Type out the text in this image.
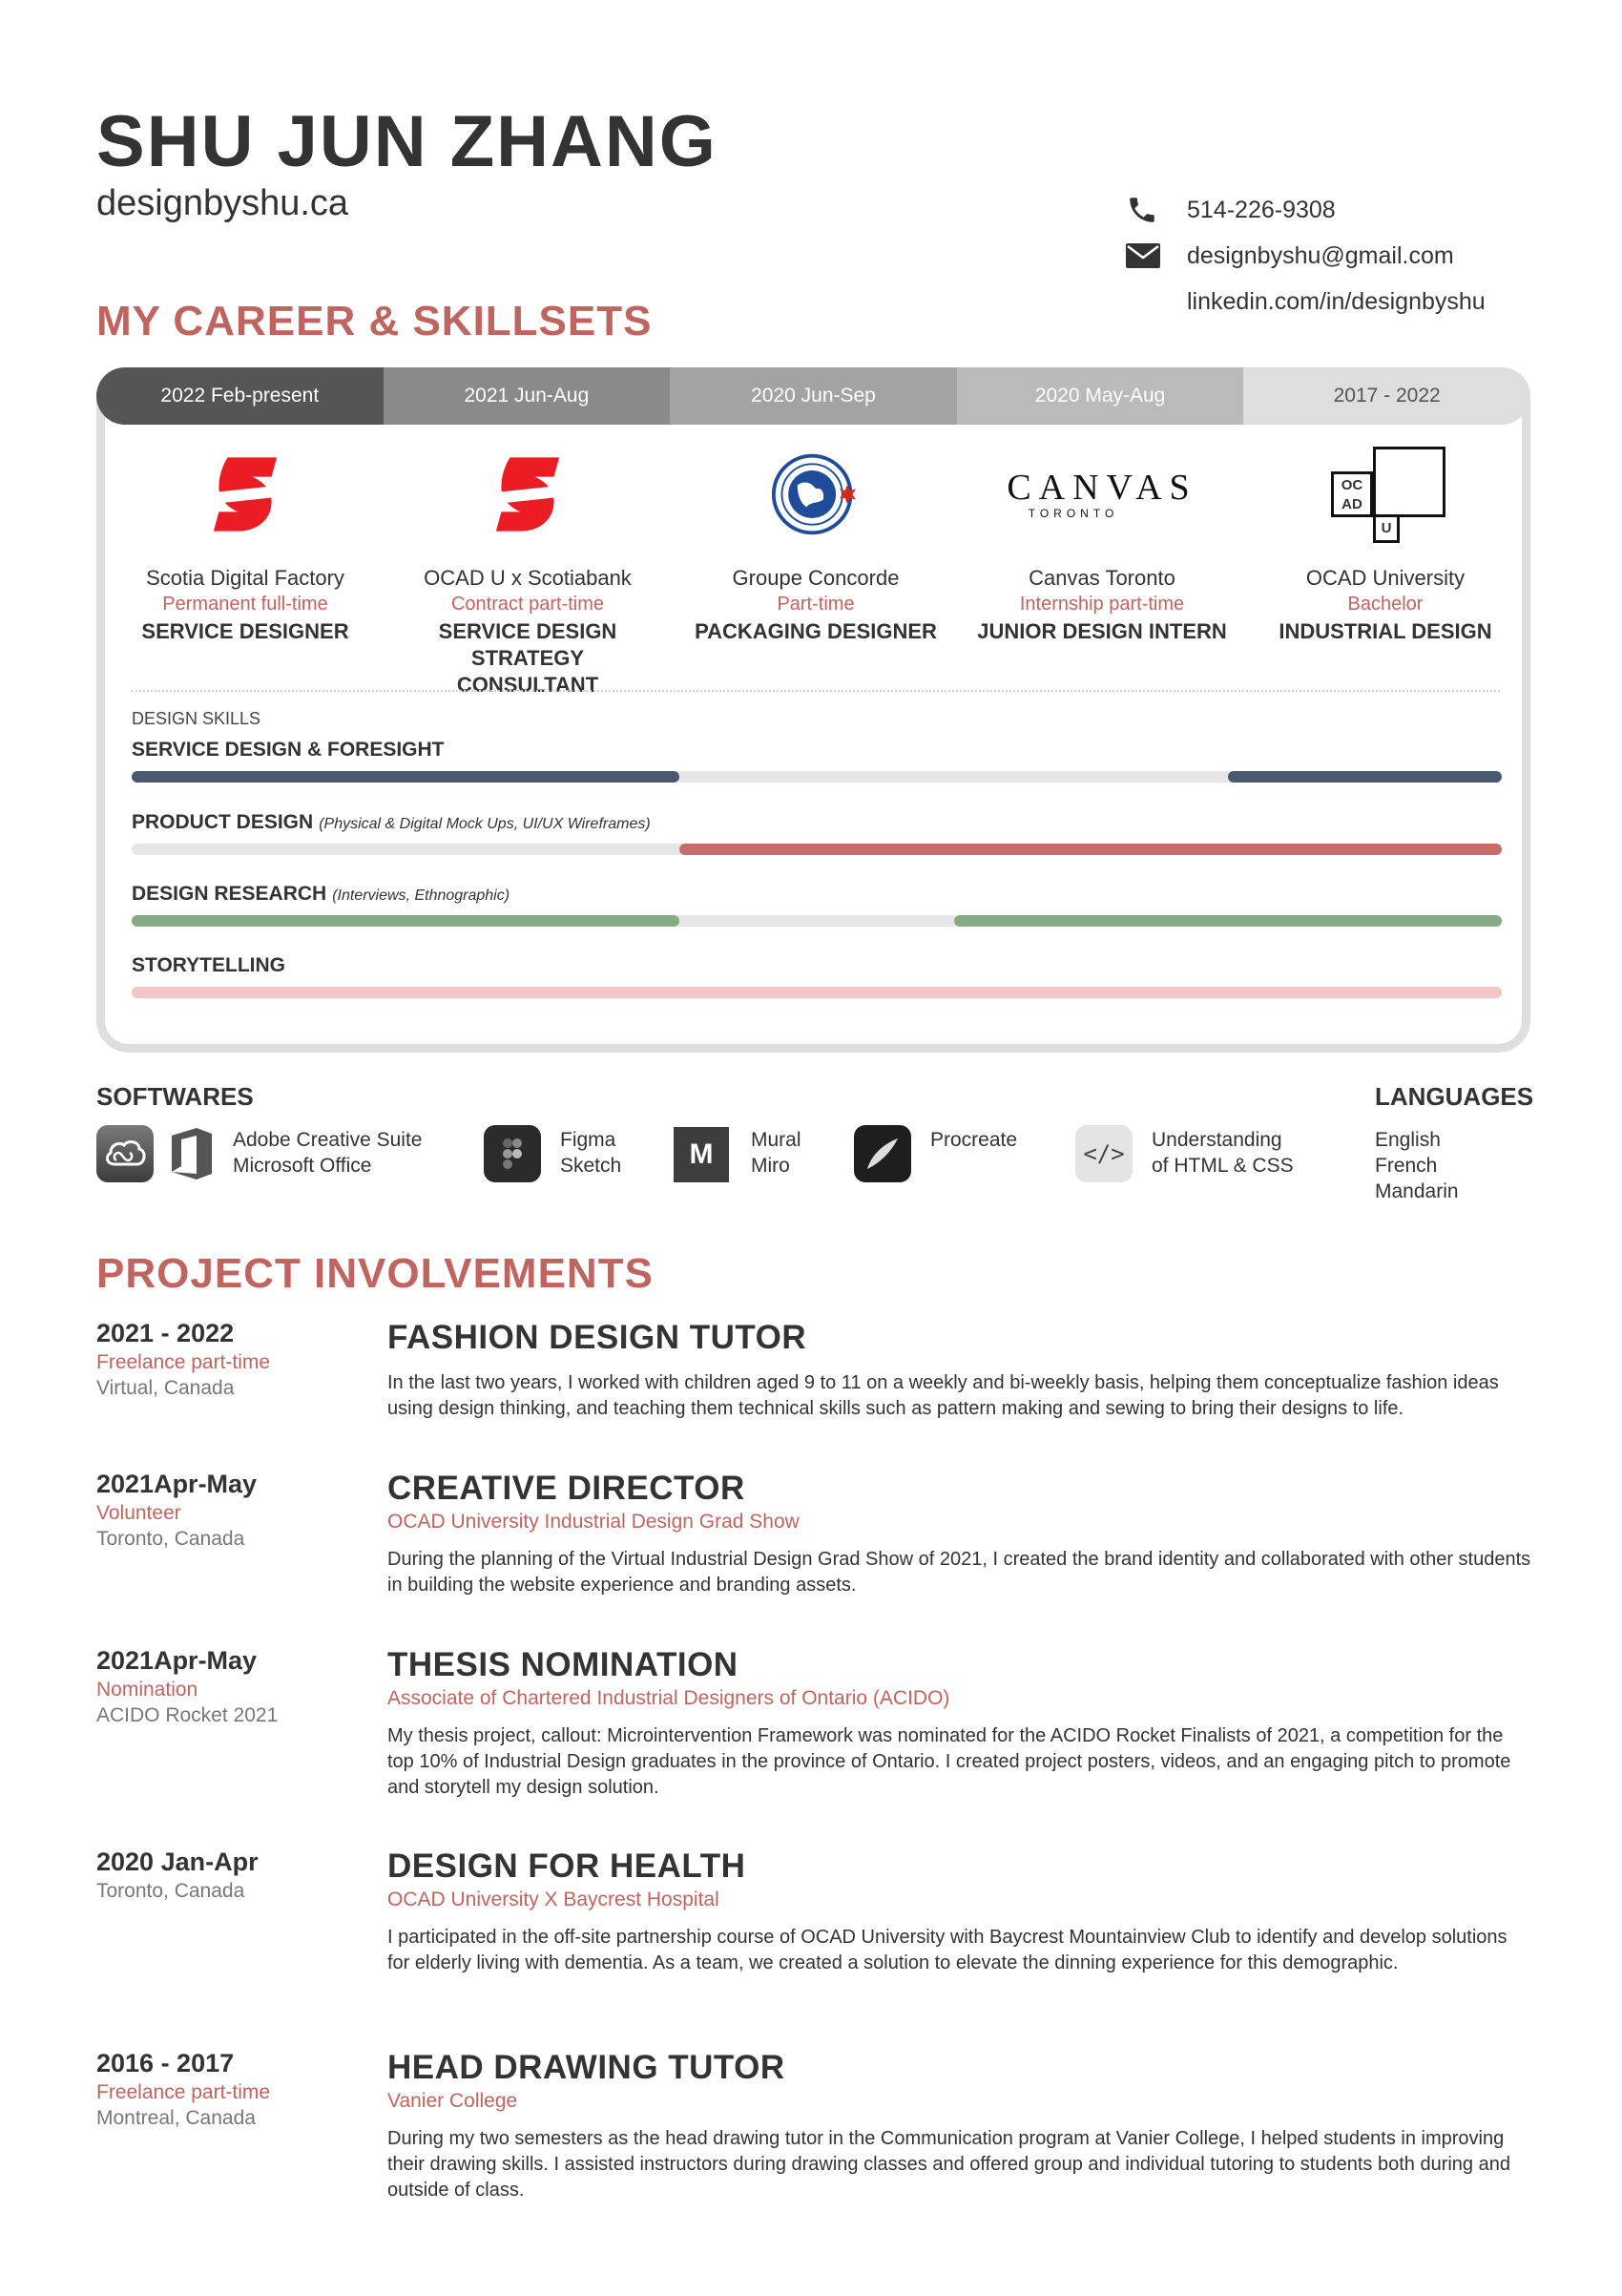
SHU JUN ZHANG
designbyshu.ca	514-226-9308
designbyshu@gmail.com
linkedin.com/in/designbyshu
MY CAREER & SKILLSETS
2022 Feb-present	2021 Jun-Aug	2020 Jun-Sep	2020 May-Aug	2017 - 2022
CANVAS
TORONTO
OC
AD
U
Scotia Digital Factory
Permanent full-time
SERVICE DESIGNER
OCAD U x Scotiabank
Contract part-time
SERVICE DESIGN STRATEGY CONSULTANT
Groupe Concorde
Part-time
PACKAGING DESIGNER
Canvas Toronto
Internship part-time
JUNIOR DESIGN INTERN
OCAD University
Bachelor
INDUSTRIAL DESIGN
DESIGN SKILLS
SERVICE DESIGN & FORESIGHT
PRODUCT DESIGN (Physical & Digital Mock Ups, UI/UX Wireframes)
DESIGN RESEARCH (Interviews, Ethnographic)
STORYTELLING
SOFTWARES
Adobe Creative Suite
Microsoft Office
Figma
Sketch	M	Mural
Miro
Procreate
</>
Understanding
of HTML & CSS
LANGUAGES
English
French
Mandarin
PROJECT INVOLVEMENTS
2021 - 2022
Freelance part-time
Virtual, Canada
FASHION DESIGN TUTOR
In the last two years, I worked with children aged 9 to 11 on a weekly and bi-weekly basis, helping them conceptualize fashion ideas using design thinking, and teaching them technical skills such as pattern making and sewing to bring their designs to life.
2021Apr-May
Volunteer
Toronto, Canada
CREATIVE DIRECTOR
OCAD University Industrial Design Grad Show
During the planning of the Virtual Industrial Design Grad Show of 2021, I created the brand identity and collaborated with other students in building the website experience and branding assets.
2021Apr-May
Nomination
ACIDO Rocket 2021
THESIS NOMINATION
Associate of Chartered Industrial Designers of Ontario (ACIDO)
My thesis project, callout: Microintervention Framework was nominated for the ACIDO Rocket Finalists of 2021, a competition for the top 10% of Industrial Design graduates in the province of Ontario. I created project posters, videos, and an engaging pitch to promote and storytell my design solution.
2020 Jan-Apr
Toronto, Canada
DESIGN FOR HEALTH
OCAD University X Baycrest Hospital
I participated in the off-site partnership course of OCAD University with Baycrest Mountainview Club to identify and develop solutions for elderly living with dementia. As a team, we created a solution to elevate the dinning experience for this demographic.
2016 - 2017
Freelance part-time
Montreal, Canada
HEAD DRAWING TUTOR
Vanier College
During my two semesters as the head drawing tutor in the Communication program at Vanier College, I helped students in improving their drawing skills. I assisted instructors during drawing classes and offered group and individual tutoring to students both during and outside of class.
